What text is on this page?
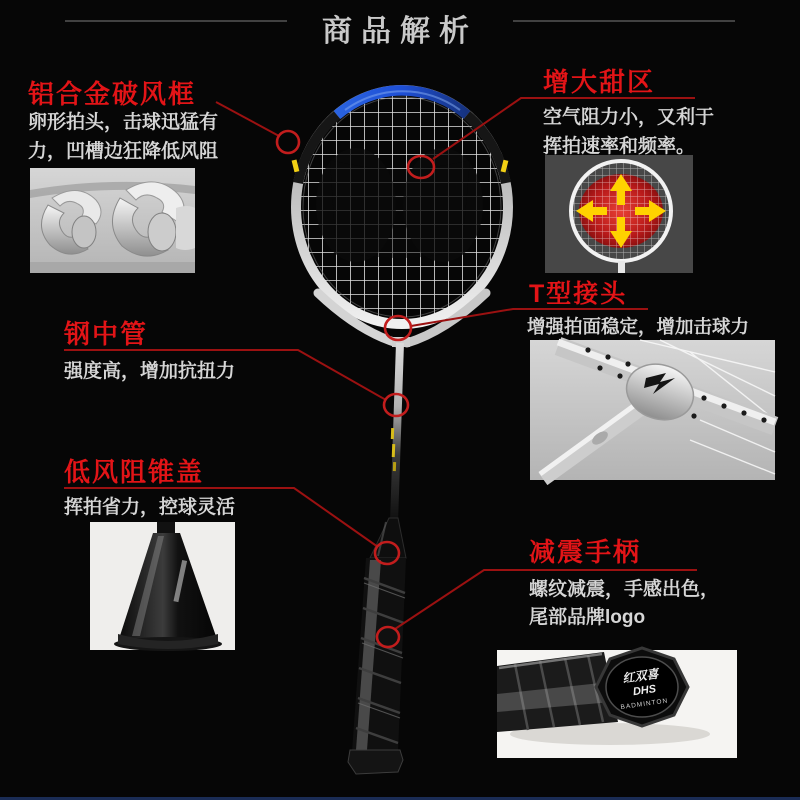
红双喜
DHS
BADMINTON
商品解析
铝合金破风框
卵形拍头，击球迅猛有
力，凹槽边狂降低风阻
增大甜区
空气阻力小，又利于
挥拍速率和频率。
T型接头
增强拍面稳定，增加击球力
钢中管
强度高，增加抗扭力
低风阻锥盖
挥拍省力，控球灵活
减震手柄
螺纹减震，手感出色，
尾部品牌logo
